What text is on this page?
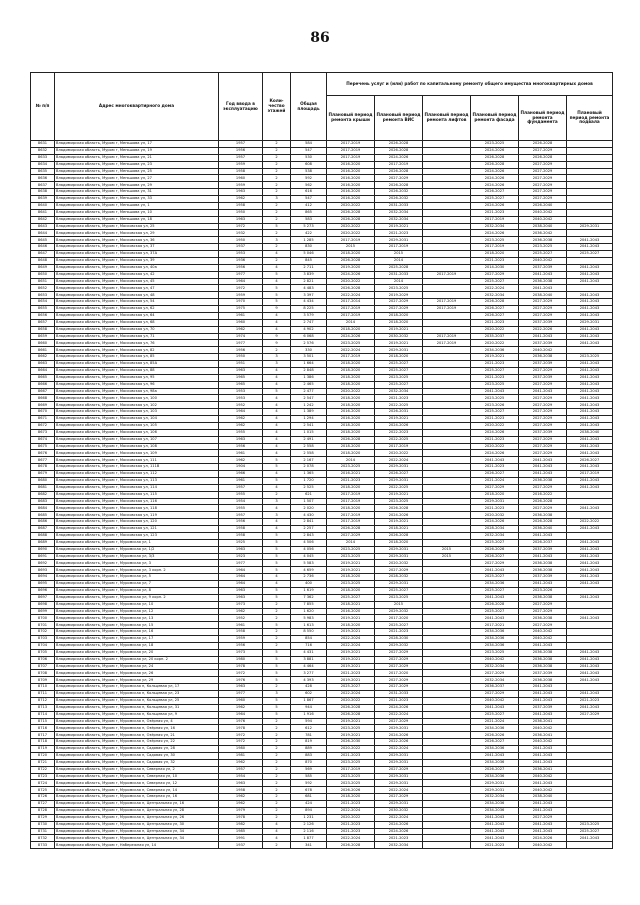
86
№ п/п	Адрес многоквартирного дома	Год ввода в эксплуатацию	Коли-чество этажей	Общая площадь	Перечень услуг и (или) работ по капитальному ремонту общего имущества многоквартирных домов					
					Плановый период ремонта крыши	Плановый период ремонта ВИС	Плановый период ремонта лифтов	Плановый период ремонта фасада	Плановый период ремонта фундамента	Плановый период ремонта подвала
8631	Владимирская область, Муром г, Меньшова ул, 17	1957	2	584	2017-2019	2026-2028		2023-2025	2026-2028	
8632	Владимирская область, Муром г, Меньшова ул, 19	1956	2	547	2017-2019	2026-2028		2024-2026	2027-2029	
8633	Владимирская область, Муром г, Меньшова ул, 21	1957	2	530	2017-2019	2024-2026		2026-2028	2026-2028	
8634	Владимирская область, Муром г, Меньшова ул, 23	1959	2	608	2016-2020	2017-2019		2026-2028	2027-2029	
8635	Владимирская область, Муром г, Меньшова ул, 25	1958	2	538	2016-2020	2026-2028		2024-2026	2027-2029	
8636	Владимирская область, Муром г, Меньшова ул, 27	1960	2	592	2016-2020	2027-2029		2024-2026	2027-2029	
8637	Владимирская область, Муром г, Меньшова ул, 29	1959	2	562	2016-2020	2026-2028		2024-2026	2027-2029	
8638	Владимирская область, Муром г, Меньшова ул, 31	1963	2	616	2016-2020	2026-2032		2026-2027	2027-2029	
8639	Владимирская область, Муром г, Меньшова ул, 33	1962	3	547	2016-2020	2026-2032		2025-2027	2027-2029	
8640	Владимирская область, Муром г, Меньшова ул, 1	1958	2	412	2020-2022	2031-2033		2024-2026	2026-2040	
8641	Владимирская область, Муром г, Меньшова ул, 10	1950	2	865	2026-2028	2032-2034		2021-2023	2040-2042	
8642	Владимирская область, Муром г, Меньшова ул, 18	1963	2	583	2026-2028	2032-2034		2017-2019	2040-2042	
8643	Владимирская область, Муром г, Московская ул, 25	1972	5	5 273	2020-2022	2019-2021		2032-2034	2038-2040	2029-2031
8644	Владимирская область, Муром г, Московская ул, 29	1932	2	422	2020-2022	2021-2023		2024-2026	2036-2042	
8645	Владимирская область, Муром г, Московская ул, 36	1950	3	1 285	2017-2019	2029-2031		2023-2025	2036-2038	2041-2043
8646	Владимирская область, Муром г, Московская ул, 37	1937	2	830	2015	2017-2019		2017-2019	2023-2025	2041-2043
8647	Владимирская область, Муром г, Московская ул, 37А	1953	4	5 046	2018-2020	2015		2018-2020	2025-2027	2025-2027
8648	Владимирская область, Муром г, Московская ул, 39	1936	2	845	2026-2028	2014		2021-2023	2040-2042	
8649	Владимирская область, Муром г, Московская ул, 40а	1956	4	2 711	2019-2020	2025-2028		2014-2030	2037-2039	2041-2043
8650	Владимирская область, Муром г, Московская ул, 42	1977	5	3 839	2024-2026	2031-2033	2017-2019	2027-2029	2041-2043	2041-2043
8651	Владимирская область, Муром г, Московская ул, 45	1964	4	2 821	2020-2022	2014		2025-2027	2036-2038	2041-2043
8652	Владимирская область, Муром г, Московская ул, 47	1972	5	4 483	2026-2028	2023-2025		2022-2024	2041-2043	
8653	Владимирская область, Муром г, Московская ул, 48	1959	5	3 397	2022-2024	2019-2029		2032-2034	2038-2040	2041-2043
8654	Владимирская область, Муром г, Московская ул, 54	1970	5	4 434	2017-2014	2027-2029	2017-2019	2026-2028	2027-2029	2041-2043
8655	Владимирская область, Муром г, Московская ул, 62	1975	9	8 225	2017-2019	2027-2029	2017-2019	2026-2027	2027-2029	2041-2043
8656	Владимирская область, Муром г, Московская ул, 64	1961	4	3 579	2017-2019	2018-2020		2026-2027	2027-2029	2041-2043
8657	Владимирская область, Муром г, Московская ул, 68	1960	4	2 747	2014	2018-2020		2021-2023	2037-2039	2029-2031
8658	Владимирская область, Муром г, Московская ул, 70	1962	4	4 902	2018-2020	2019-2021		2020-2022	2022-2026	2041-2043
8659	Владимирская область, Муром г, Московская ул, 71	1974	9	6 068	2024-2026	2030-2032	2017-2019	2035-2037	2041-2043	2041-2043
8660	Владимирская область, Муром г, Московская ул, 76	1977	9	2 576	2023-2025	2019-2021	2017-2019	2020-2022	2037-2039	2041-2043
8661	Владимирская область, Муром г, Московская ул, 82	1956	2	330	2022-2024	2029-2031		2034-2036	2040-2042	
8662	Владимирская область, Муром г, Московская ул, 85	1950	3	3 501	2017-2019	2018-2020		2019-2021	2036-2038	2023-2025
8663	Владимирская область, Муром г, Московская ул, 85А	1951	3	1 664	2018-2020	2025-2027		2021-2023	2037-2039	2041-2043
8664	Владимирская область, Муром г, Московская ул, 88	1963	4	2 848	2018-2020	2025-2027		2025-2027	2027-2029	2041-2043
8665	Владимирская область, Муром г, Московская ул, 95	1965	4	1 386	2018-2020	2023-2025		2021-2023	2037-2039	2041-2043
8666	Владимирская область, Муром г, Московская ул, 96	1965	4	2 465	2018-2020	2025-2027		2023-2025	2027-2029	2041-2043
8667	Владимирская область, Муром г, Московская ул, 98а	1953	5	2 477	2020-2022	2032-2034		2041-2043	2041-2043	2041-2043
8668	Владимирская область, Муром г, Московская ул, 100	1953	4	2 547	2018-2020	2021-2023		2023-2025	2027-2029	2041-2043
8669	Владимирская область, Муром г, Московская ул, 102	1952	4	1 242	2018-2020	2022-2025		2023-2026	2027-2029	2041-2043
8670	Владимирская область, Муром г, Московская ул, 103	1964	4	1 389	2016-2020	2026-2031		2025-2027	2027-2029	2041-2043
8671	Владимирская область, Муром г, Московская ул, 104	1962	4	1 294	2016-2020	2019-2021		2021-2023	2027-2029	2041-2043
8672	Владимирская область, Муром г, Московская ул, 105	1962	4	2 541	2018-2020	2024-2026		2020-2022	2027-2029	2041-2043
8673	Владимирская область, Муром г, Московская ул, 106	1955	4	1 015	2018-2020	2022-2023		2024-2026	2037-2039	2038-2040
8674	Владимирская область, Муром г, Московская ул, 107	1963	4	2 491	2026-2028	2022-2025		2021-2023	2027-2029	2041-2043
8675	Владимирская область, Муром г, Московская ул, 108	1956	4	2 558	2018-2020	2017-2019		2020-2022	2027-2029	2041-2043
8676	Владимирская область, Муром г, Московская ул, 109	1961	4	2 558	2018-2020	2020-2022		2024-2026	2027-2029	2041-2043
8677	Владимирская область, Муром г, Московская ул, 111	1962	5	2 167	2014	2022-2024		2041-2043	2041-2043	2026-2027
8678	Владимирская область, Муром г, Московская ул, 111В	1904	5	2 078	2023-2025	2029-2031		2021-2023	2041-2043	2041-2043
8679	Владимирская область, Муром г, Московская ул, 112	1966	4	1 365	2016-2021	2026-2027		2026-2027	2041-2043	2017-2019
8680	Владимирская область, Муром г, Московская ул, 113	1961	5	1 720	2021-2023	2029-2031		2021-2024	2036-2038	2041-2043
8681	Владимирская область, Муром г, Московская ул, 114	1957	4	2 525	2018-2020	2022-2025		2027-2029	2027-2029	2041-2043
8682	Владимирская область, Муром г, Московская ул, 115	1955	2	621	2017-2019	2019-2021		2018-2020	2016-2022	
8683	Владимирская область, Муром г, Московская ул, 116	1954	3	1 507	2017-2019	2023-2025		2029-2031	2026-2028	
8684	Владимирская область, Муром г, Московская ул, 118	1955	4	2 020	2018-2020	2026-2028		2021-2023	2027-2029	2041-2043
8685	Владимирская область, Муром г, Московская ул, 119	1957	3	4 430	2017-2019	2024-2026		2020-2032	2036-2038	
8686	Владимирская область, Муром г, Московская ул, 120	1956	4	2 841	2017-2019	2019-2021		2024-2026	2026-2028	2022-2022
8687	Владимирская область, Муром г, Московская ул, 121	1958	4	2 257	2026-2028	2018-2021		2028-2034	2036-2040	2041-2043
8688	Владимирская область, Муром г, Московская ул, 123	1958	5	2 843	2027-2029	2026-2028		2032-2034	2041-2043	
8689	Владимирская область, Муром г, Муромская ул, 1	1925	5	4 506	2014	2018-2020		2025-2027	2026-2037	2041-2043
8690	Владимирская область, Муром г, Муромская ул, 1/2	1963	5	4 056	2023-2025	2029-2031	2015	2026-2026	2037-2039	2041-2043
8691	Владимирская область, Муром г, Муромская ул, 3/3	1923	5	4 045	2023-2025	2029-2031	2015	2026-2027	2041-2043	2041-2043
8692	Владимирская область, Муром г, Муромская ул, 3	1977	5	5 583	2019-2021	2020-2032		2027-2029	2036-2038	2041-2043
8693	Владимирская область, Муром г, Муромская ул, 3 корп. 2	1964	5	4 659	2019-2021	2027-2029		2041-2043	2036-2038	2041-2043
8694	Владимирская область, Муром г, Муромская ул, 5	1964	4	2 736	2018-2020	2028-2032		2025-2027	2037-2039	2041-2043
8695	Владимирская область, Муром г, Муромская ул, 7	1964	4	400	2023-2025	2029-2031		2034-2036	2041-2043	2041-2043
8696	Владимирская область, Муром г, Муромская ул, 8	1963	5	1 619	2018-2020	2025-2027		2025-2027	2023-2026	
8697	Владимирская область, Муром г, Муромская ул, 9 корп. 2	1963	5	7 362	2025-2027	2023-2025		2041-2043	2036-2038	2041-2043
8698	Владимирская область, Муром г, Муромская ул, 10	1973	2	7 855	2018-2021	2015		2026-2028	2027-2029	
8699	Владимирская область, Муром г, Муромская ул, 12	1962	2	1 620	2016-2020	2029-2032		2025-2027	2027-2029	
8700	Владимирская область, Муром г, Муромская ул, 13	1952	2	5 983	2019-2021	2017-2020		2041-2043	2036-2038	2041-2043
8701	Владимирская область, Муром г, Муромская ул, 15	1961	5	1 613	2018-2020	2025-2027		2017-2021	2027-2029	
8702	Владимирская область, Муром г, Муромская ул, 16	1958	2	8 550	2019-2021	2021-2023		2034-2036	2040-2042	
8703	Владимирская область, Муром г, Муромская ул, 17	1959	2	854	2022-2024	2028-2030		2034-2036	2040-2042	
8704	Владимирская область, Муром г, Муромская ул, 18	1956	2	716	2022-2024	2029-2032		2034-2036	2041-2043	
8705	Владимирская область, Муром г, Муромская ул, 20	1973	5	4 431	2019-2021	2027-2029		2023-2025	2036-2038	2041-2043
8706	Владимирская область, Муром г, Муромская ул, 20 корп. 2	1980	5	3 881	2019-2021	2027-2029		2040-2042	2036-2038	2041-2043
8707	Владимирская область, Муром г, Муромская ул, 24	1978	5	4 464	2019-2021	2027-2029		2032-2034	2036-2038	2041-2043
8708	Владимирская область, Муром г, Муромская ул, 26	1972	5	3 277	2021-2023	2017-2020		2027-2029	2037-2039	2041-2043
8709	Владимирская область, Муром г, Муромская ул, 29	1976	5	4 393	2019-2021	2027-2029		2032-2034	2036-2038	2041-2043
8710	Владимирская область, Муром г, Муромская п, Кольцевая ул, 17	1963	2	428	2025-2027	2027-2029		2036-2037	2041-2043	
8711	Владимирская область, Муром г, Муромская п, Кольцевая ул, 23	1977	3	602	2022-2024	2031-2033		2027-2029	2041-2043	2041-2043
8712	Владимирская область, Муром г, Муромская п, Кольцевая ул, 25	1960	5	1 867	2020-2022	2021-2023		2040-2042	2041-2043	2021-2023
8713	Владимирская область, Муром г, Муромская п, Кольцевая ул, 31	1962	5	944	2026-2028	2024-2026		2041-2043	2037-2039	2041-2043
8714	Владимирская область, Муром г, Муромская п, Кольцевая ул, 9	1964	5	1 916	2026-2028	2022-2024		2025-2027	2041-2043	2027-2029
8715	Владимирская область, Муром г, Муромская п, Озёрная ул, 4	1976	2	594	2019-2021	2027-2029		2021-2024	2036-2041	
8716	Владимирская область, Муром г, Муромская п, Озёрная ул, 16	1978	2	612	2023-2025	2029-2031		2034-2036	2040-2042	
8717	Владимирская область, Муром г, Муромская п, Озёрная ул, 21	1972	2	781	2019-2021	2024-2026		2026-2026	2036-2041	
8718	Владимирская область, Муром г, Муромская п, Озёрная ул, 22	1972	2	819	2026-2030	2022-2026		2026-2027	2040-2042	
8719	Владимирская область, Муром г, Муромская п, Садовая ул, 28	1980	2	889	2020-2022	2022-2024		2034-2036	2041-2043	
8720	Владимирская область, Муром г, Муромская п, Садовая ул, 30	1981	2	883	2021-2023	2029-2031		2041-2043	2041-2043	
8721	Владимирская область, Муром г, Муромская п, Садовая ул, 32	1962	2	870	2023-2025	2029-2031		2034-2036	2041-2043	
8722	Владимирская область, Муром г, Муромская п, Северная ул, 2	1957	2	569	2017-2019	2027-2029		2026-2027	2036-2041	
8723	Владимирская область, Муром г, Муромская п, Северная ул, 10	1954	2	585	2023-2025	2029-2031		2034-2036	2040-2042	
8724	Владимирская область, Муром г, Муромская п, Северная ул, 12	1963	2	592	2023-2025	2029-2031		2029-2031	2041-2043	
8725	Владимирская область, Муром г, Муромская п, Северная ул, 14	1958	2	678	2026-2026	2022-2024		2029-2031	2040-2042	
8726	Владимирская область, Муром г, Муромская п, Северная ул, 16	1962	2	681	2018-2020	2027-2029		2032-2034	2038-2040	
8727	Владимирская область, Муром г, Муромская п, Центральная ул, 16	1962	2	424	2021-2023	2029-2031		2034-2036	2041-2043	
8728	Владимирская область, Муром г, Муромская п, Центральная ул, 28	1979	2	894	2022-2024	2030-2032		2034-2036	2041-2043	
8729	Владимирская область, Муром г, Муромская п, Центральная ул, 26	1978	2	1 231	2020-2022	2022-2024		2041-2043	2027-2029	
8730	Владимирская область, Муром г, Муромская п, Центральная ул, 30	1982	4	2 126	2021-2023	2024-2026		2041-2043	2041-2043	2023-2025
8731	Владимирская область, Муром г, Муромская п, Центральная ул, 34	1985	4	2 116	2021-2023	2024-2026		2041-2043	2041-2043	2025-2027
8732	Владимирская область, Муром г, Муромская п, Центральная ул, 34	1991	4	1 877	2022-2024	2021-2023		2041-2043	2024-2026	2041-2043
8733	Владимирская область, Муром г, Набережная ул, 14	1937	2	341	2026-2028	2032-2034		2021-2023	2040-2042	
